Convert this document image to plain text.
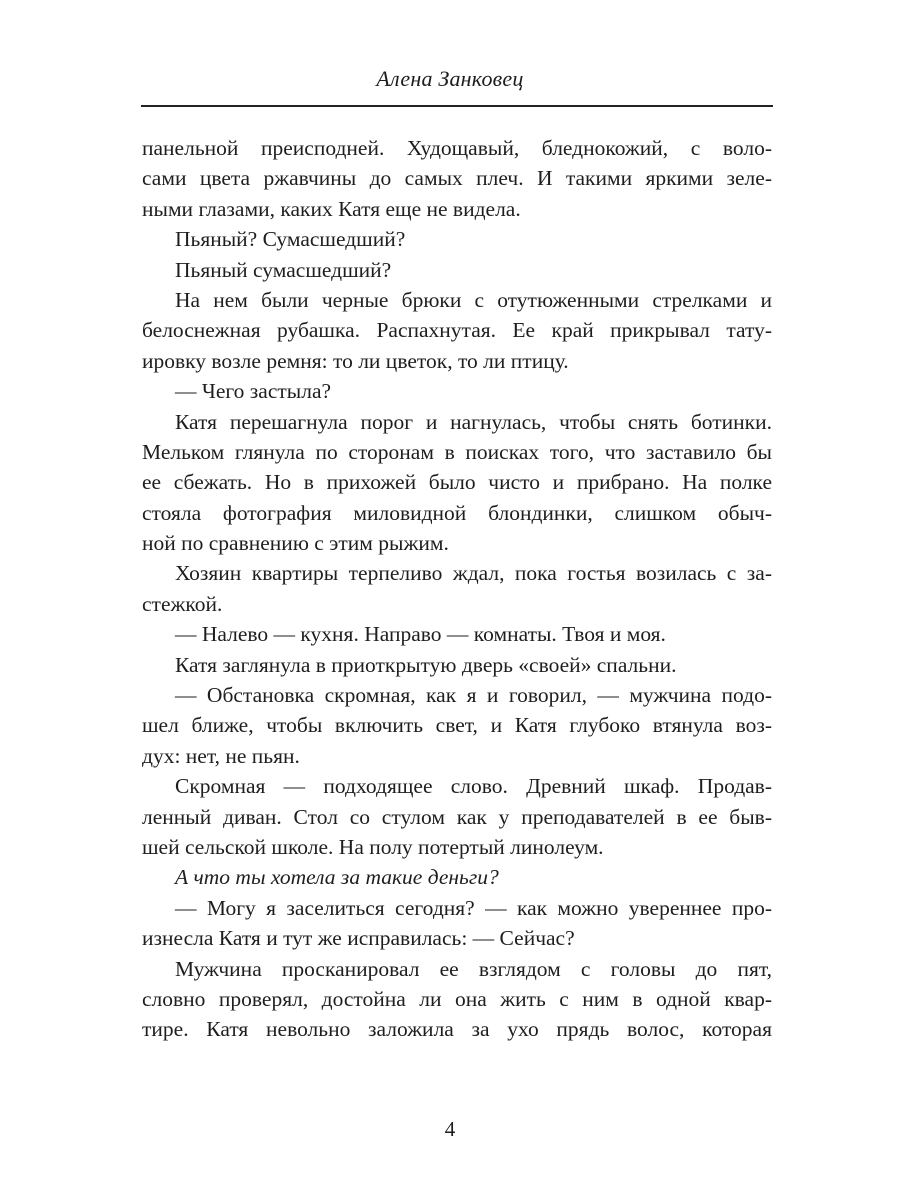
Алена Занковец
панельной преисподней. Худощавый, бледнокожий, с воло-
сами цвета ржавчины до самых плеч. И такими яркими зеле-
ными глазами, каких Катя еще не видела.
Пьяный? Сумасшедший?
Пьяный сумасшедший?
На нем были черные брюки с отутюженными стрелками и
белоснежная рубашка. Распахнутая. Ее край прикрывал тату-
ировку возле ремня: то ли цветок, то ли птицу.
— Чего застыла?
Катя перешагнула порог и нагнулась, чтобы снять ботинки.
Мельком глянула по сторонам в поисках того, что заставило бы
ее сбежать. Но в прихожей было чисто и прибрано. На полке
стояла фотография миловидной блондинки, слишком обыч-
ной по сравнению с этим рыжим.
Хозяин квартиры терпеливо ждал, пока гостья возилась с за-
стежкой.
— Налево — кухня. Направо — комнаты. Твоя и моя.
Катя заглянула в приоткрытую дверь «своей» спальни.
— Обстановка скромная, как я и говорил, — мужчина подо-
шел ближе, чтобы включить свет, и Катя глубоко втянула воз-
дух: нет, не пьян.
Скромная — подходящее слово. Древний шкаф. Продав-
ленный диван. Стол со стулом как у преподавателей в ее быв-
шей сельской школе. На полу потертый линолеум.
А что ты хотела за такие деньги?
— Могу я заселиться сегодня? — как можно увереннее про-
изнесла Катя и тут же исправилась: — Сейчас?
Мужчина просканировал ее взглядом с головы до пят,
словно проверял, достойна ли она жить с ним в одной квар-
тире. Катя невольно заложила за ухо прядь волос, которая
4
